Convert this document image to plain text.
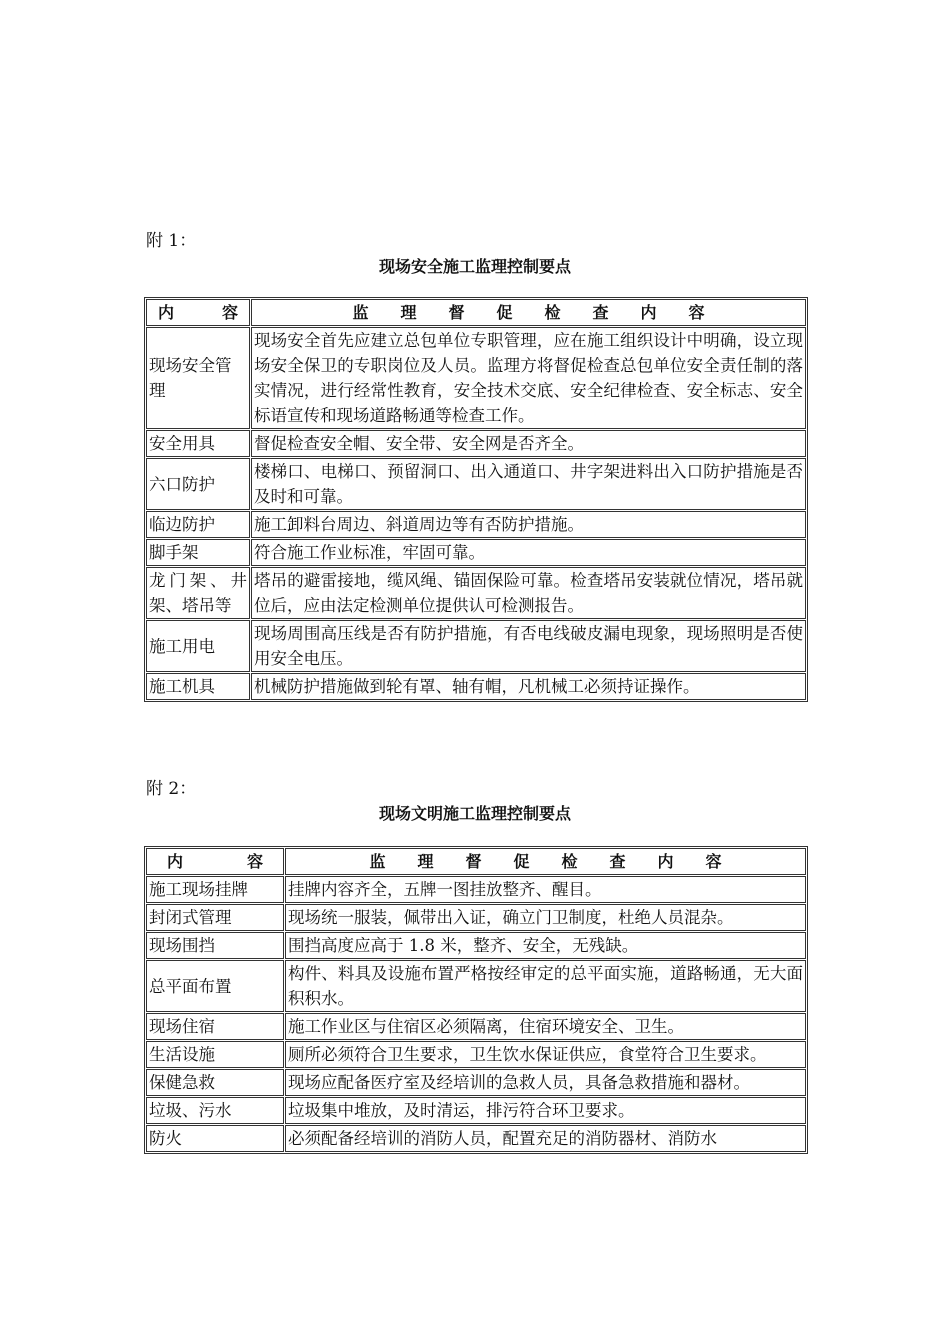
附 1：
现场安全施工监理控制要点
内　　　容	监　　理　　督　　促　　检　　查　　内　　容
现场安全管理	现场安全首先应建立总包单位专职管理，应在施工组织设计中明确，设立现场安全保卫的专职岗位及人员。监理方将督促检查总包单位安全责任制的落实情况，进行经常性教育，安全技术交底、安全纪律检查、安全标志、安全标语宣传和现场道路畅通等检查工作。
安全用具	督促检查安全帽、安全带、安全网是否齐全。
六口防护	楼梯口、电梯口、预留洞口、出入通道口、井字架进料出入口防护措施是否及时和可靠。
临边防护	施工卸料台周边、斜道周边等有否防护措施。
脚手架	符合施工作业标准，牢固可靠。
龙门架、井架、塔吊等	塔吊的避雷接地，缆风绳、锚固保险可靠。检查塔吊安装就位情况，塔吊就位后，应由法定检测单位提供认可检测报告。
施工用电	现场周围高压线是否有防护措施，有否电线破皮漏电现象，现场照明是否使用安全电压。
施工机具	机械防护措施做到轮有罩、轴有帽，凡机械工必须持证操作。
附 2：
现场文明施工监理控制要点
内　　　　容	监　　理　　督　　促　　检　　查　　内　　容
施工现场挂牌	挂牌内容齐全，五牌一图挂放整齐、醒目。
封闭式管理	现场统一服装，佩带出入证，确立门卫制度，杜绝人员混杂。
现场围挡	围挡高度应高于 1.8 米，整齐、安全，无残缺。
总平面布置	构件、料具及设施布置严格按经审定的总平面实施，道路畅通，无大面积积水。
现场住宿	施工作业区与住宿区必须隔离，住宿环境安全、卫生。
生活设施	厕所必须符合卫生要求，卫生饮水保证供应，食堂符合卫生要求。
保健急救	现场应配备医疗室及经培训的急救人员，具备急救措施和器材。
垃圾、污水	垃圾集中堆放，及时清运，排污符合环卫要求。
防火	必须配备经培训的消防人员，配置充足的消防器材、消防水
